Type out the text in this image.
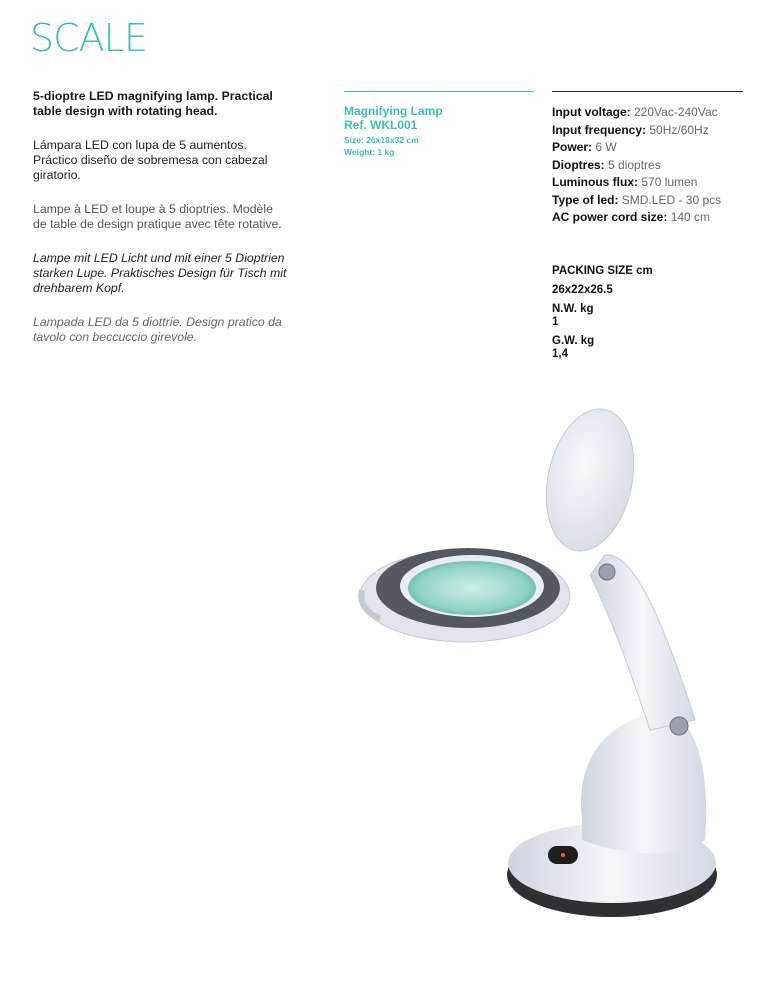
SCALE

5-dioptre LED magnifying lamp. Practical table design with rotating head.

Lámpara LED con lupa de 5 aumentos. Práctico diseño de sobremesa con cabezal giratorio.

Lampe à LED et loupe à 5 dioptries. Modèle de table de design pratique avec tête rotative.

Lampe mit LED Licht und mit einer 5 Dioptrien starken Lupe. Praktisches Design für Tisch mit drehbarem Kopf.

Lampada LED da 5 diottrie. Design pratico da tavolo con beccuccio girevole.

Magnifying Lamp
Ref. WKL001
Size: 26x18x32 cm
Weight: 1 kg
Input voltage: 220Vac-240Vac
Input frequency: 50Hz/60Hz
Power: 6 W
Dioptres: 5 dioptres
Luminous flux: 570 lumen
Type of led: SMD.LED - 30 pcs
AC power cord size: 140 cm
PACKING SIZE cm
26x22x26.5
N.W. kg
1
G.W. kg
1,4
